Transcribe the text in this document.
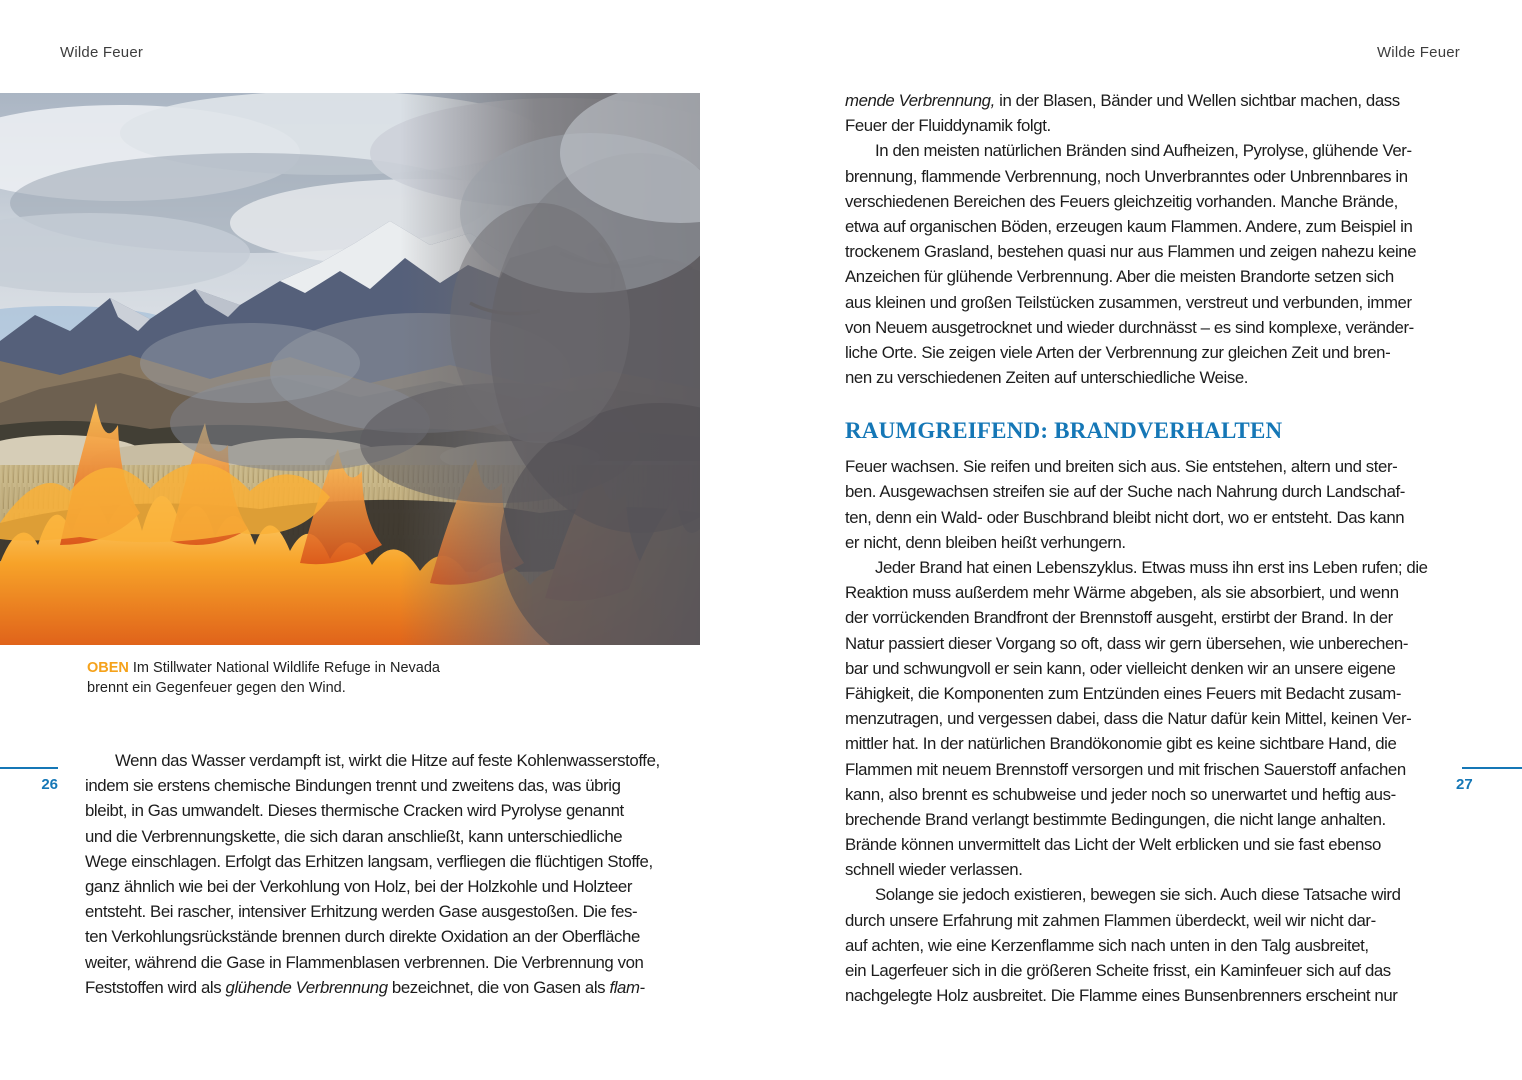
Wilde Feuer	Wilde Feuer
OBEN Im Stillwater National Wildlife Refuge in Nevada
brennt ein Gegenfeuer gegen den Wind.
26	27
Wenn das Wasser verdampft ist, wirkt die Hitze auf feste Kohlenwasserstoffe,
indem sie erstens chemische Bindungen trennt und zweitens das, was übrig
bleibt, in Gas umwandelt. Dieses thermische Cracken wird Pyrolyse genannt
und die Verbrennungskette, die sich daran anschließt, kann unterschiedliche
Wege einschlagen. Erfolgt das Erhitzen langsam, verfliegen die flüchtigen Stoffe,
ganz ähnlich wie bei der Verkohlung von Holz, bei der Holzkohle und Holzteer
entsteht. Bei rascher, intensiver Erhitzung werden Gase ausgestoßen. Die fes-
ten Verkohlungsrückstände brennen durch direkte Oxidation an der Oberfläche
weiter, während die Gase in Flammenblasen verbrennen. Die Verbrennung von
Feststoffen wird als glühende Verbrennung bezeichnet, die von Gasen als flam-
mende Verbrennung, in der Blasen, Bänder und Wellen sichtbar machen, dass
Feuer der Fluiddynamik folgt.
In den meisten natürlichen Bränden sind Aufheizen, Pyrolyse, glühende Ver-
brennung, flammende Verbrennung, noch Unverbranntes oder Unbrennbares in
verschiedenen Bereichen des Feuers gleichzeitig vorhanden. Manche Brände,
etwa auf organischen Böden, erzeugen kaum Flammen. Andere, zum Beispiel in
trockenem Grasland, bestehen quasi nur aus Flammen und zeigen nahezu keine
Anzeichen für glühende Verbrennung. Aber die meisten Brandorte setzen sich
aus kleinen und großen Teilstücken zusammen, verstreut und verbunden, immer
von Neuem ausgetrocknet und wieder durchnässt – es sind komplexe, veränder-
liche Orte. Sie zeigen viele Arten der Verbrennung zur gleichen Zeit und bren-
nen zu verschiedenen Zeiten auf unterschiedliche Weise.
RAUMGREIFEND: BRANDVERHALTEN
Feuer wachsen. Sie reifen und breiten sich aus. Sie entstehen, altern und ster-
ben. Ausgewachsen streifen sie auf der Suche nach Nahrung durch Landschaf-
ten, denn ein Wald- oder Buschbrand bleibt nicht dort, wo er entsteht. Das kann
er nicht, denn bleiben heißt verhungern.
Jeder Brand hat einen Lebenszyklus. Etwas muss ihn erst ins Leben rufen; die
Reaktion muss außerdem mehr Wärme abgeben, als sie absorbiert, und wenn
der vorrückenden Brandfront der Brennstoff ausgeht, erstirbt der Brand. In der
Natur passiert dieser Vorgang so oft, dass wir gern übersehen, wie unberechen-
bar und schwungvoll er sein kann, oder vielleicht denken wir an unsere eigene
Fähigkeit, die Komponenten zum Entzünden eines Feuers mit Bedacht zusam-
menzutragen, und vergessen dabei, dass die Natur dafür kein Mittel, keinen Ver-
mittler hat. In der natürlichen Brandökonomie gibt es keine sichtbare Hand, die
Flammen mit neuem Brennstoff versorgen und mit frischen Sauerstoff anfachen
kann, also brennt es schubweise und jeder noch so unerwartet und heftig aus-
brechende Brand verlangt bestimmte Bedingungen, die nicht lange anhalten.
Brände können unvermittelt das Licht der Welt erblicken und sie fast ebenso
schnell wieder verlassen.
Solange sie jedoch existieren, bewegen sie sich. Auch diese Tatsache wird
durch unsere Erfahrung mit zahmen Flammen überdeckt, weil wir nicht dar-
auf achten, wie eine Kerzenflamme sich nach unten in den Talg ausbreitet,
ein Lagerfeuer sich in die größeren Scheite frisst, ein Kaminfeuer sich auf das
nachgelegte Holz ausbreitet. Die Flamme eines Bunsenbrenners erscheint nur
